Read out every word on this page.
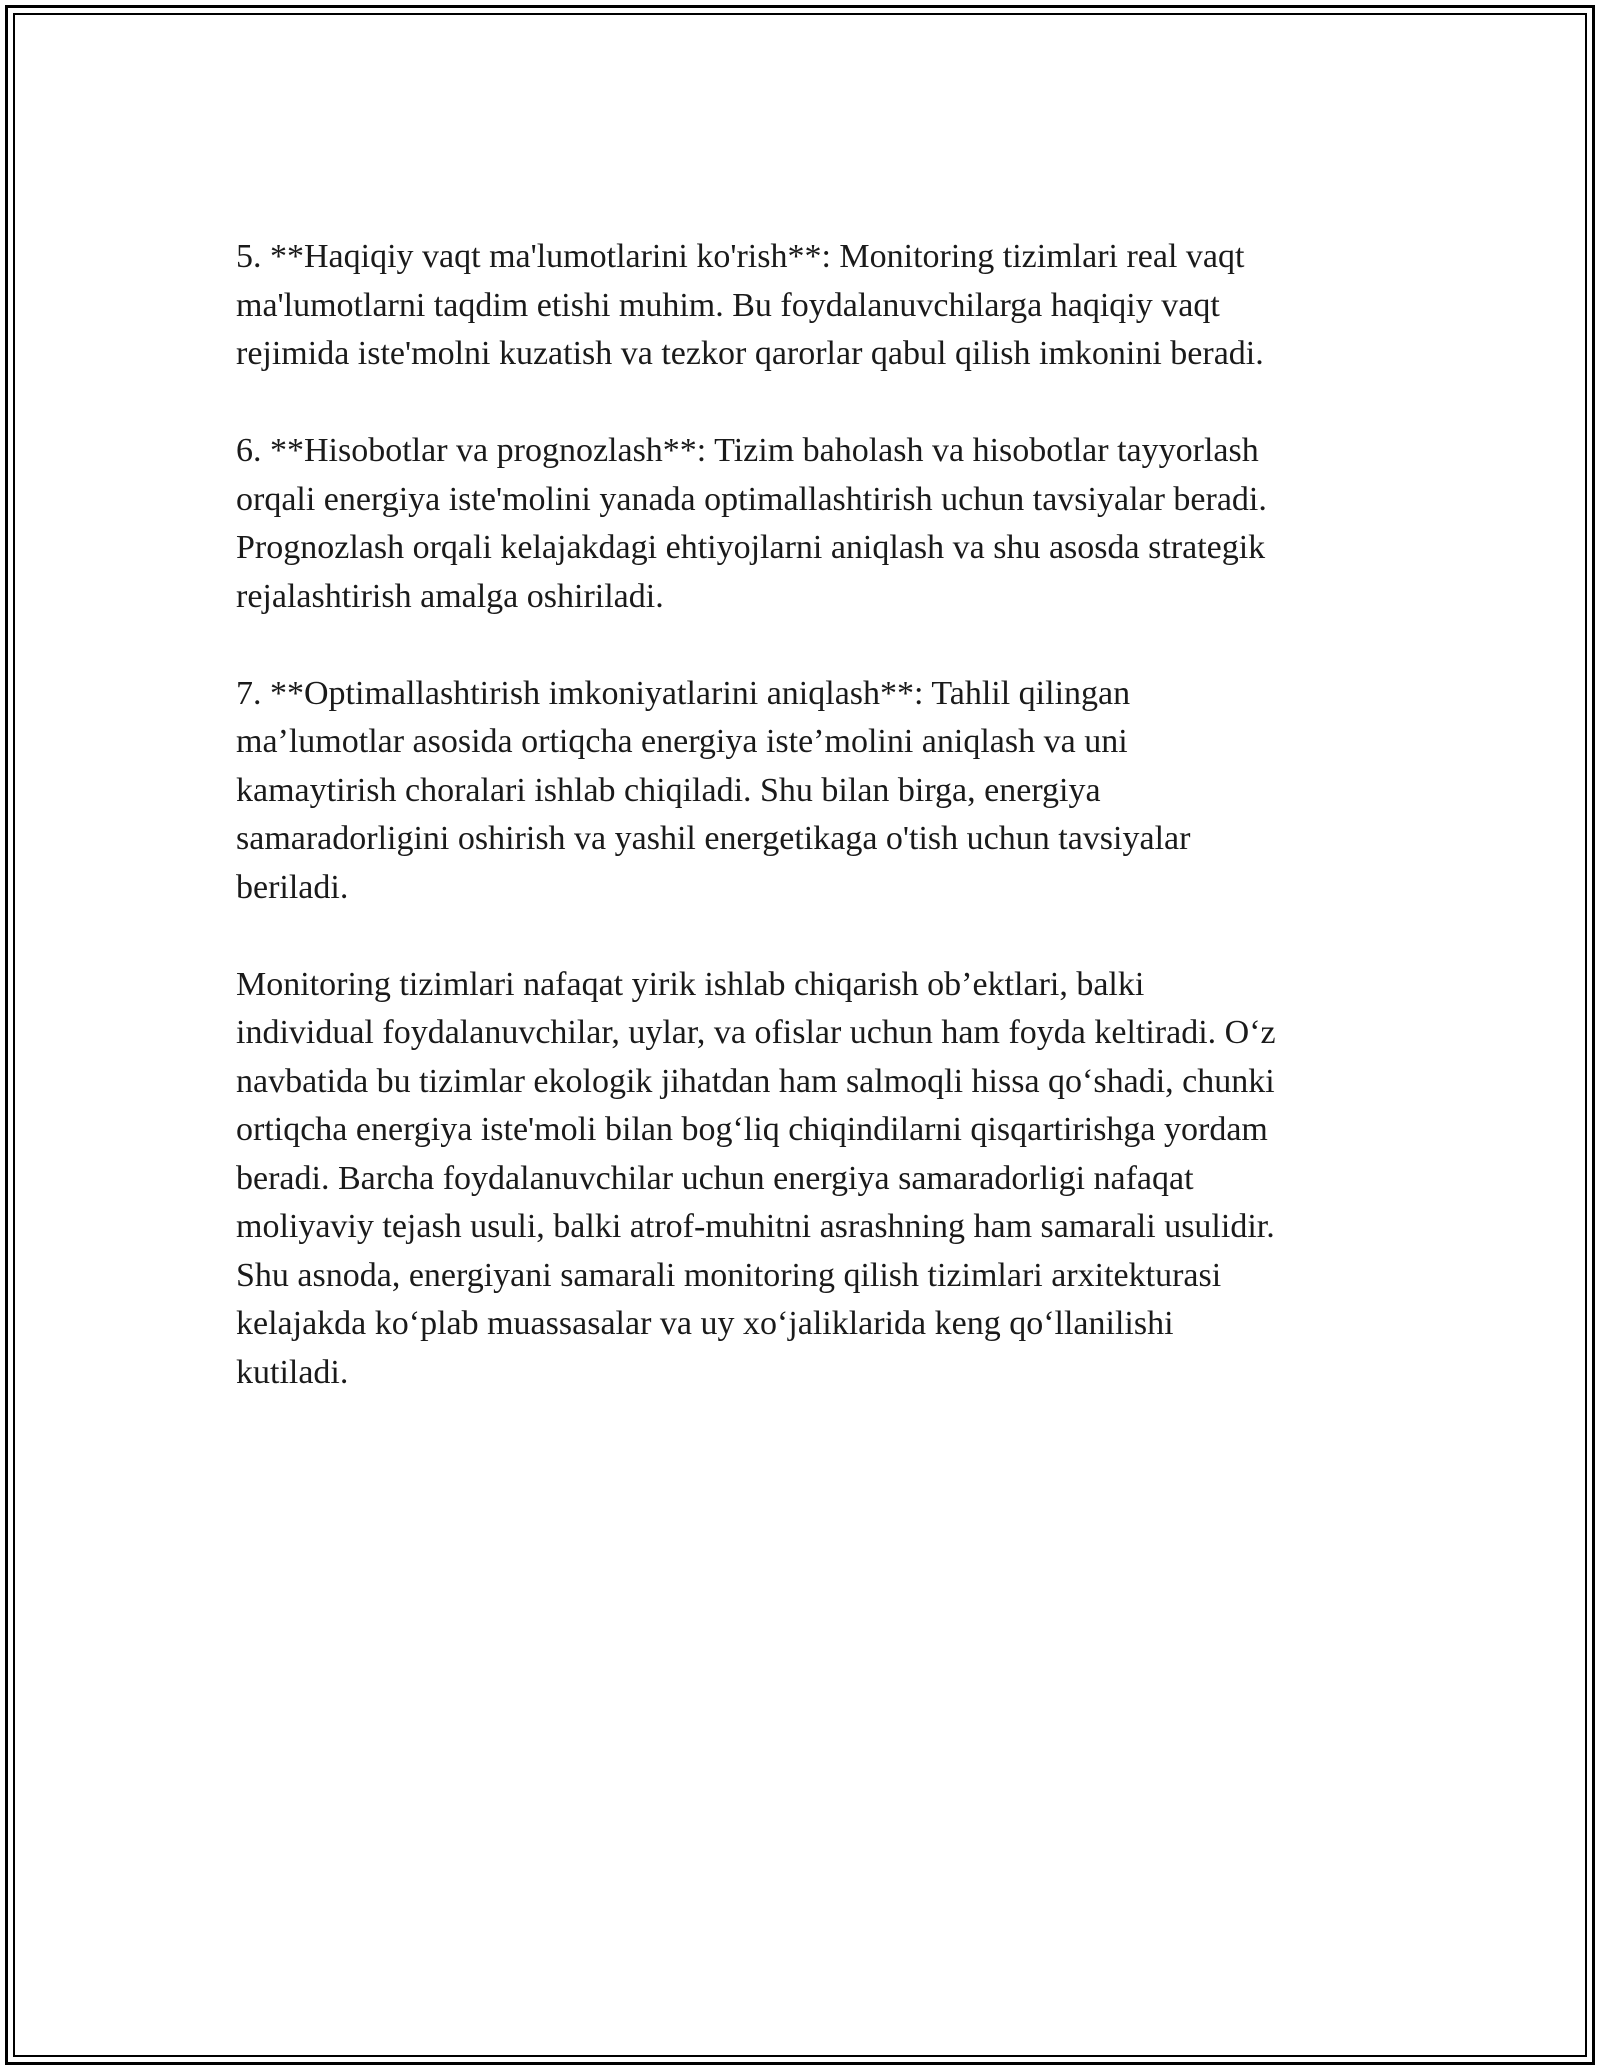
5. **Haqiqiy vaqt ma'lumotlarini ko'rish**: Monitoring tizimlari real vaqt
ma'lumotlarni taqdim etishi muhim. Bu foydalanuvchilarga haqiqiy vaqt
rejimida iste'molni kuzatish va tezkor qarorlar qabul qilish imkonini beradi.

6. **Hisobotlar va prognozlash**: Tizim baholash va hisobotlar tayyorlash
orqali energiya iste'molini yanada optimallashtirish uchun tavsiyalar beradi.
Prognozlash orqali kelajakdagi ehtiyojlarni aniqlash va shu asosda strategik
rejalashtirish amalga oshiriladi.

7. **Optimallashtirish imkoniyatlarini aniqlash**: Tahlil qilingan
ma’lumotlar asosida ortiqcha energiya iste’molini aniqlash va uni
kamaytirish choralari ishlab chiqiladi. Shu bilan birga, energiya
samaradorligini oshirish va yashil energetikaga o'tish uchun tavsiyalar
beriladi.

Monitoring tizimlari nafaqat yirik ishlab chiqarish ob’ektlari, balki
individual foydalanuvchilar, uylar, va ofislar uchun ham foyda keltiradi. O‘z
navbatida bu tizimlar ekologik jihatdan ham salmoqli hissa qo‘shadi, chunki
ortiqcha energiya iste'moli bilan bog‘liq chiqindilarni qisqartirishga yordam
beradi. Barcha foydalanuvchilar uchun energiya samaradorligi nafaqat
moliyaviy tejash usuli, balki atrof-muhitni asrashning ham samarali usulidir.
Shu asnoda, energiyani samarali monitoring qilish tizimlari arxitekturasi
kelajakda ko‘plab muassasalar va uy xo‘jaliklarida keng qo‘llanilishi
kutiladi.
